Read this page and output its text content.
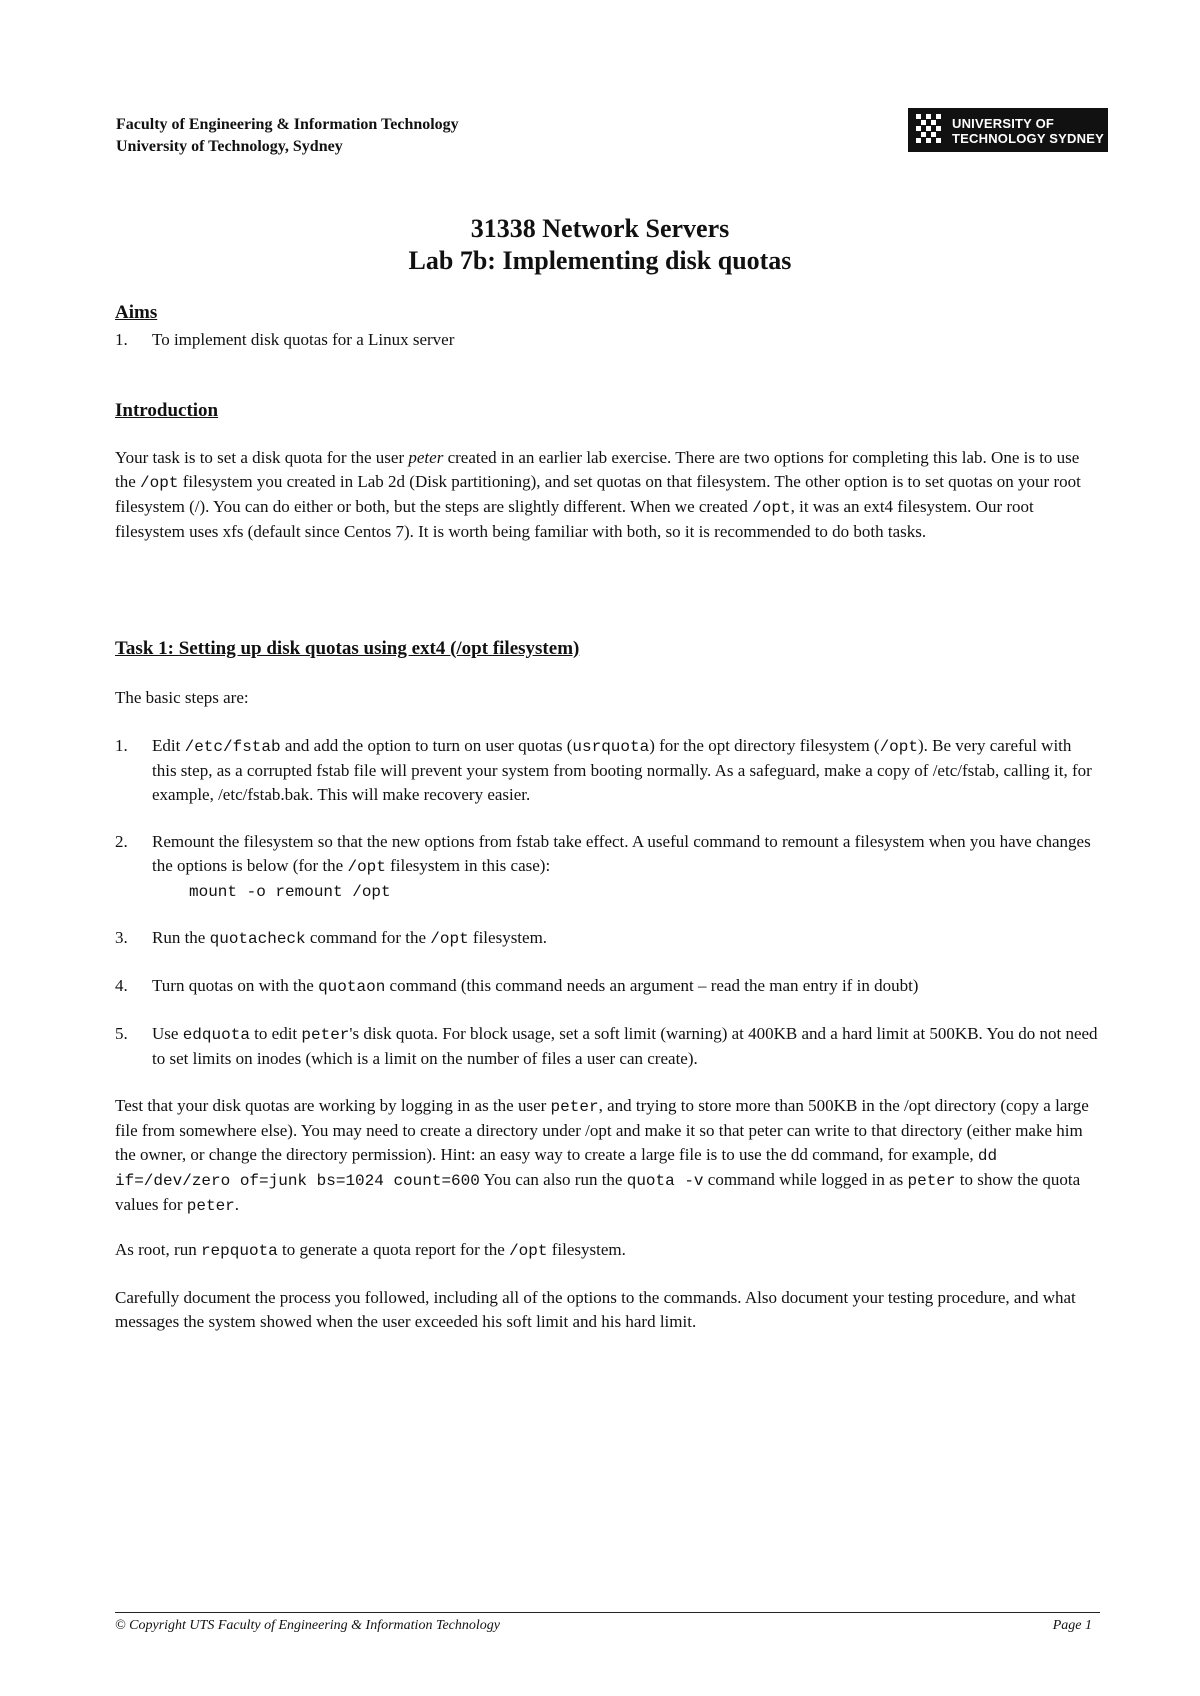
Faculty of Engineering & Information Technology
University of Technology, Sydney
UNIVERSITY OF
TECHNOLOGY SYDNEY
31338 Network Servers
Lab 7b: Implementing disk quotas
Aims
1. To implement disk quotas for a Linux server
Introduction
Your task is to set a disk quota for the user peter created in an earlier lab exercise. There are two options for completing this lab. One is to use the /opt filesystem you created in Lab 2d (Disk partitioning), and set quotas on that filesystem. The other option is to set quotas on your root filesystem (/). You can do either or both, but the steps are slightly different. When we created /opt, it was an ext4 filesystem. Our root filesystem uses xfs (default since Centos 7). It is worth being familiar with both, so it is recommended to do both tasks.
Task 1: Setting up disk quotas using ext4 (/opt filesystem)
The basic steps are:
1. Edit /etc/fstab and add the option to turn on user quotas (usrquota) for the opt directory filesystem (/opt). Be very careful with this step, as a corrupted fstab file will prevent your system from booting normally. As a safeguard, make a copy of /etc/fstab, calling it, for example, /etc/fstab.bak. This will make recovery easier.
2. Remount the filesystem so that the new options from fstab take effect. A useful command to remount a filesystem when you have changes the options is below (for the /opt filesystem in this case):
mount -o remount /opt
3. Run the quotacheck command for the /opt filesystem.
4. Turn quotas on with the quotaon command (this command needs an argument – read the man entry if in doubt)
5. Use edquota to edit peter's disk quota. For block usage, set a soft limit (warning) at 400KB and a hard limit at 500KB. You do not need to set limits on inodes (which is a limit on the number of files a user can create).
Test that your disk quotas are working by logging in as the user peter, and trying to store more than 500KB in the /opt directory (copy a large file from somewhere else). You may need to create a directory under /opt and make it so that peter can write to that directory (either make him the owner, or change the directory permission). Hint: an easy way to create a large file is to use the dd command, for example, dd if=/dev/zero of=junk bs=1024 count=600 You can also run the quota -v command while logged in as peter to show the quota values for peter.
As root, run repquota to generate a quota report for the /opt filesystem.
Carefully document the process you followed, including all of the options to the commands. Also document your testing procedure, and what messages the system showed when the user exceeded his soft limit and his hard limit.
© Copyright UTS Faculty of Engineering & Information Technology	Page 1
